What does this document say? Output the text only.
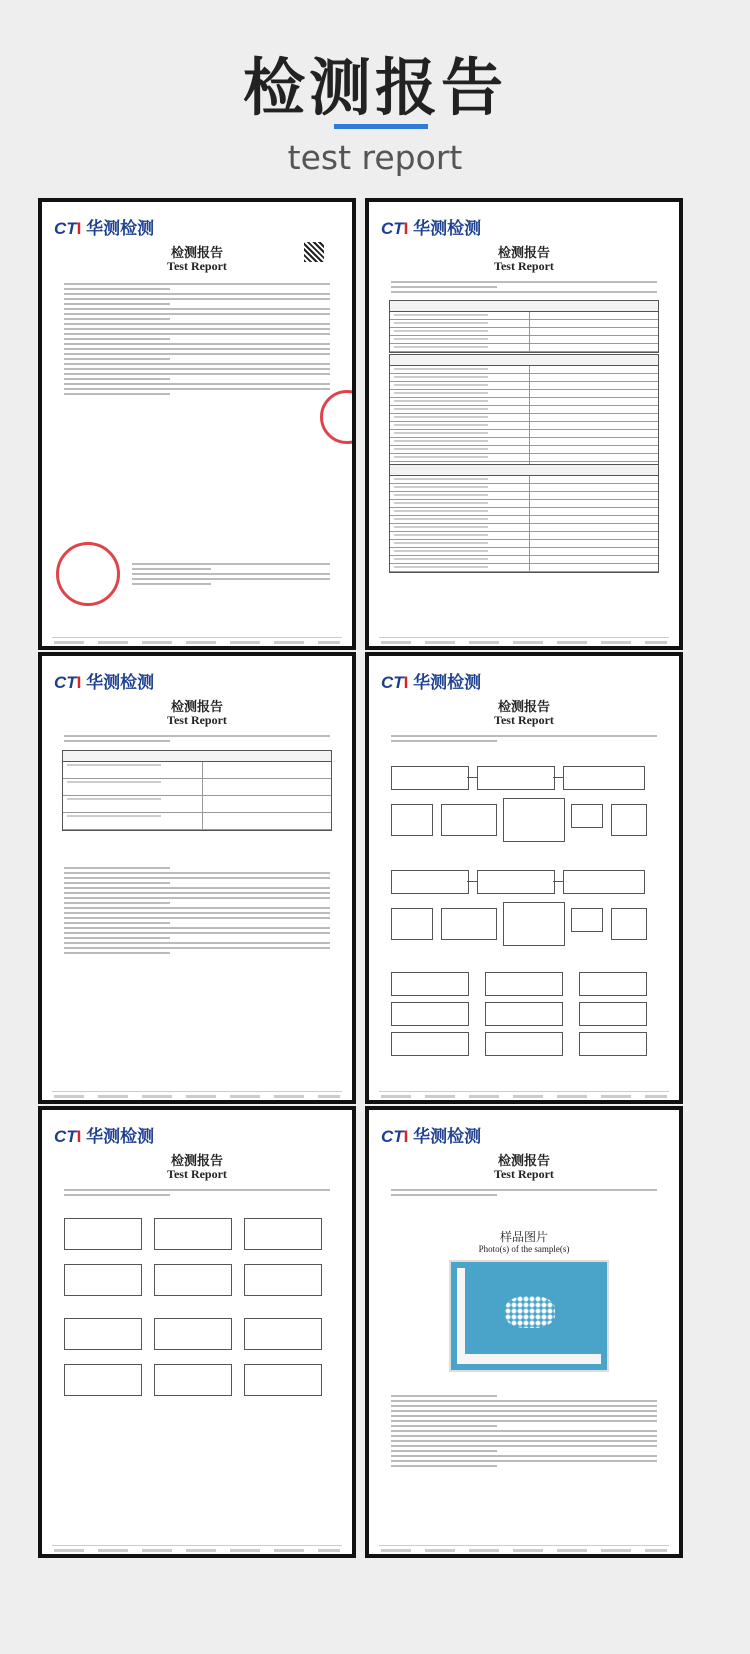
检测报告
test report
CTI 华测检测
检测报告
Test Report
CTI 华测检测
检测报告
Test Report
CTI 华测检测
检测报告
Test Report
CTI 华测检测
检测报告
Test Report
CTI 华测检测
检测报告
Test Report
CTI 华测检测
检测报告
Test Report
样品图片
Photo(s) of the sample(s)
